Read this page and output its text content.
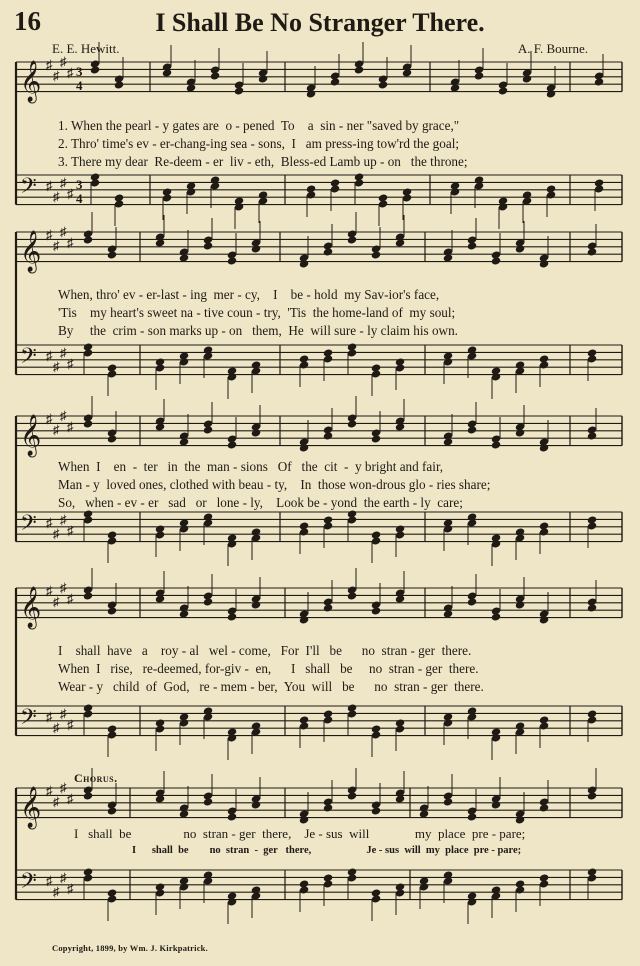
16	I Shall Be No Stranger There.
E. E. Hewitt.	A. F. Bourne.
𝄞
𝄢
♯
♯
♯
♯
♯
♯
♯
♯
3
4
3
4
𝄞
𝄢
♯
♯
♯
♯
♯
♯
♯
♯
𝄞
𝄢
♯
♯
♯
♯
♯
♯
♯
♯
𝄞
𝄢
♯
♯
♯
♯
♯
♯
♯
♯
𝄞
𝄢
♯
♯
♯
♯
♯
♯
♯
♯
1. When the pearl - y gates are  o - pened  To    a  sin - ner "saved by grace,"
2. Thro' time's ev - er-chang-ing sea - sons,  I   am press-ing tow'rd the goal;
3. There my dear  Re-deem - er  liv - eth,  Bless-ed Lamb up - on   the throne;
When, thro' ev - er-last - ing  mer - cy,    I    be - hold  my Sav-ior's face,
'Tis    my heart's sweet na - tive coun - try,  'Tis  the home-land of  my soul;
By     the  crim - son marks up - on   them,  He  will sure - ly claim his own.
When  I    en  -  ter   in  the  man - sions   Of   the  cit  -  y bright and fair,
Man - y  loved ones, clothed with beau - ty,    In  those won-drous glo - ries share;
So,   when - ev - er   sad   or   lone - ly,    Look be - yond  the earth - ly  care;
I    shall  have   a    roy - al   wel - come,   For  I'll   be      no  stran - ger  there.
When  I   rise,   re-deemed, for-giv -  en,      I   shall   be     no  stran - ger  there.
Wear - y   child  of  God,   re - mem - ber,  You  will   be      no  stran - ger  there.
Chorus.
I   shall  be                no  stran - ger  there,    Je - sus  will              my  place  pre - pare;
I      shall  be        no  stran  -  ger   there,                     Je - sus  will  my  place  pre - pare;
Copyright, 1899, by Wm. J. Kirkpatrick.
